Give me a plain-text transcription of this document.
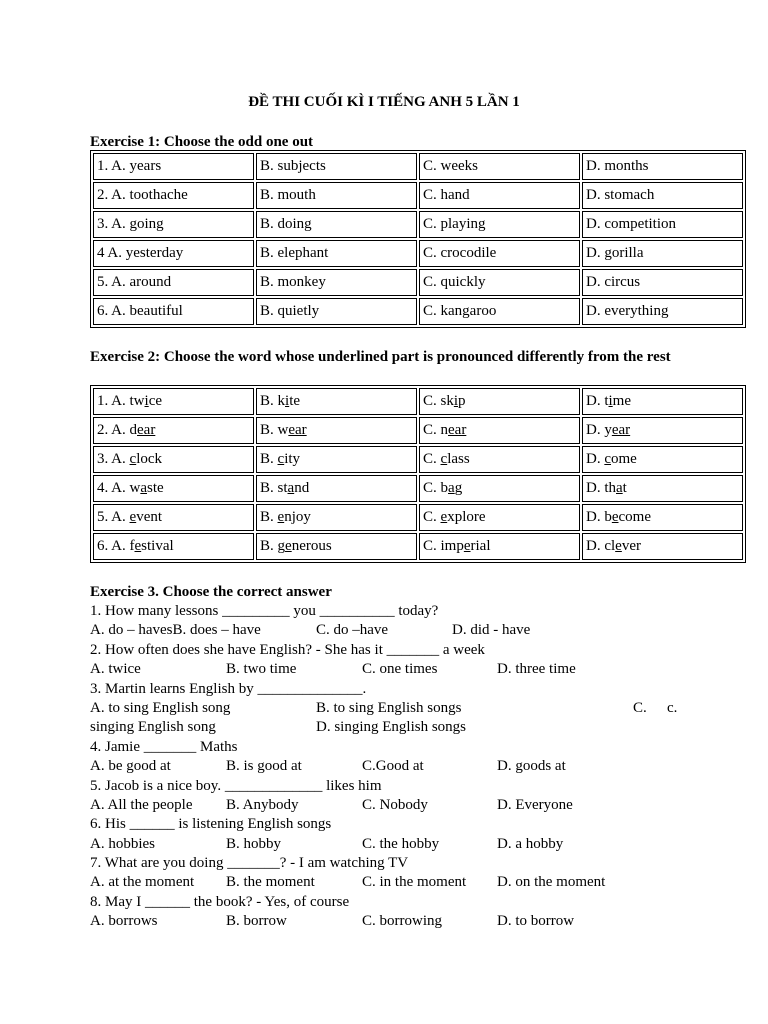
ĐỀ THI CUỐI KÌ I TIẾNG ANH 5 LẦN 1
Exercise 1: Choose the odd one out
1. A. years	B. subjects	C. weeks	D. months
2. A. toothache	B. mouth	C. hand	D. stomach
3. A. going	B. doing	C. playing	D. competition
4 A. yesterday	B. elephant	C. crocodile	D. gorilla
5. A. around	B. monkey	C. quickly	D. circus
6. A. beautiful	B. quietly	C. kangaroo	D. everything
Exercise 2: Choose the word whose underlined part is pronounced differently from the rest
1. A. twice	B. kite	C. skip	D. time
2. A. dear	B. wear	C. near	D. year
3. A. clock	B. city	C. class	D. come
4. A. waste	B. stand	C. bag	D. that
5. A. event	B. enjoy	C. explore	D. become
6. A. festival	B. generous	C. imperial	D. clever
Exercise 3. Choose the correct answer
1. How many lessons _________ you __________ today?
A. do – havesB. does – have	C. do –have	D. did - have
2. How often does she have English? - She has it _______ a week
A. twice	B. two time	C. one times	D. three time
3. Martin learns English by ______________.
A. to sing English song	B. to sing English songs	C. c.
singing English song	D. singing English songs
4. Jamie _______ Maths
A. be good at	B. is good at	C.Good at	D. goods at
5. Jacob is a nice boy. _____________ likes him
A. All the people B. Anybody	C. Nobody	D. Everyone
6. His ______ is listening English songs
A. hobbies	B. hobby	C. the hobby	D. a hobby
7. What are you doing _______? - I am watching TV
A. at the moment B. the moment	C. in the moment D. on the moment
8. May I ______ the book? - Yes, of course
A. borrows	B. borrow	C. borrowing	D. to borrow
